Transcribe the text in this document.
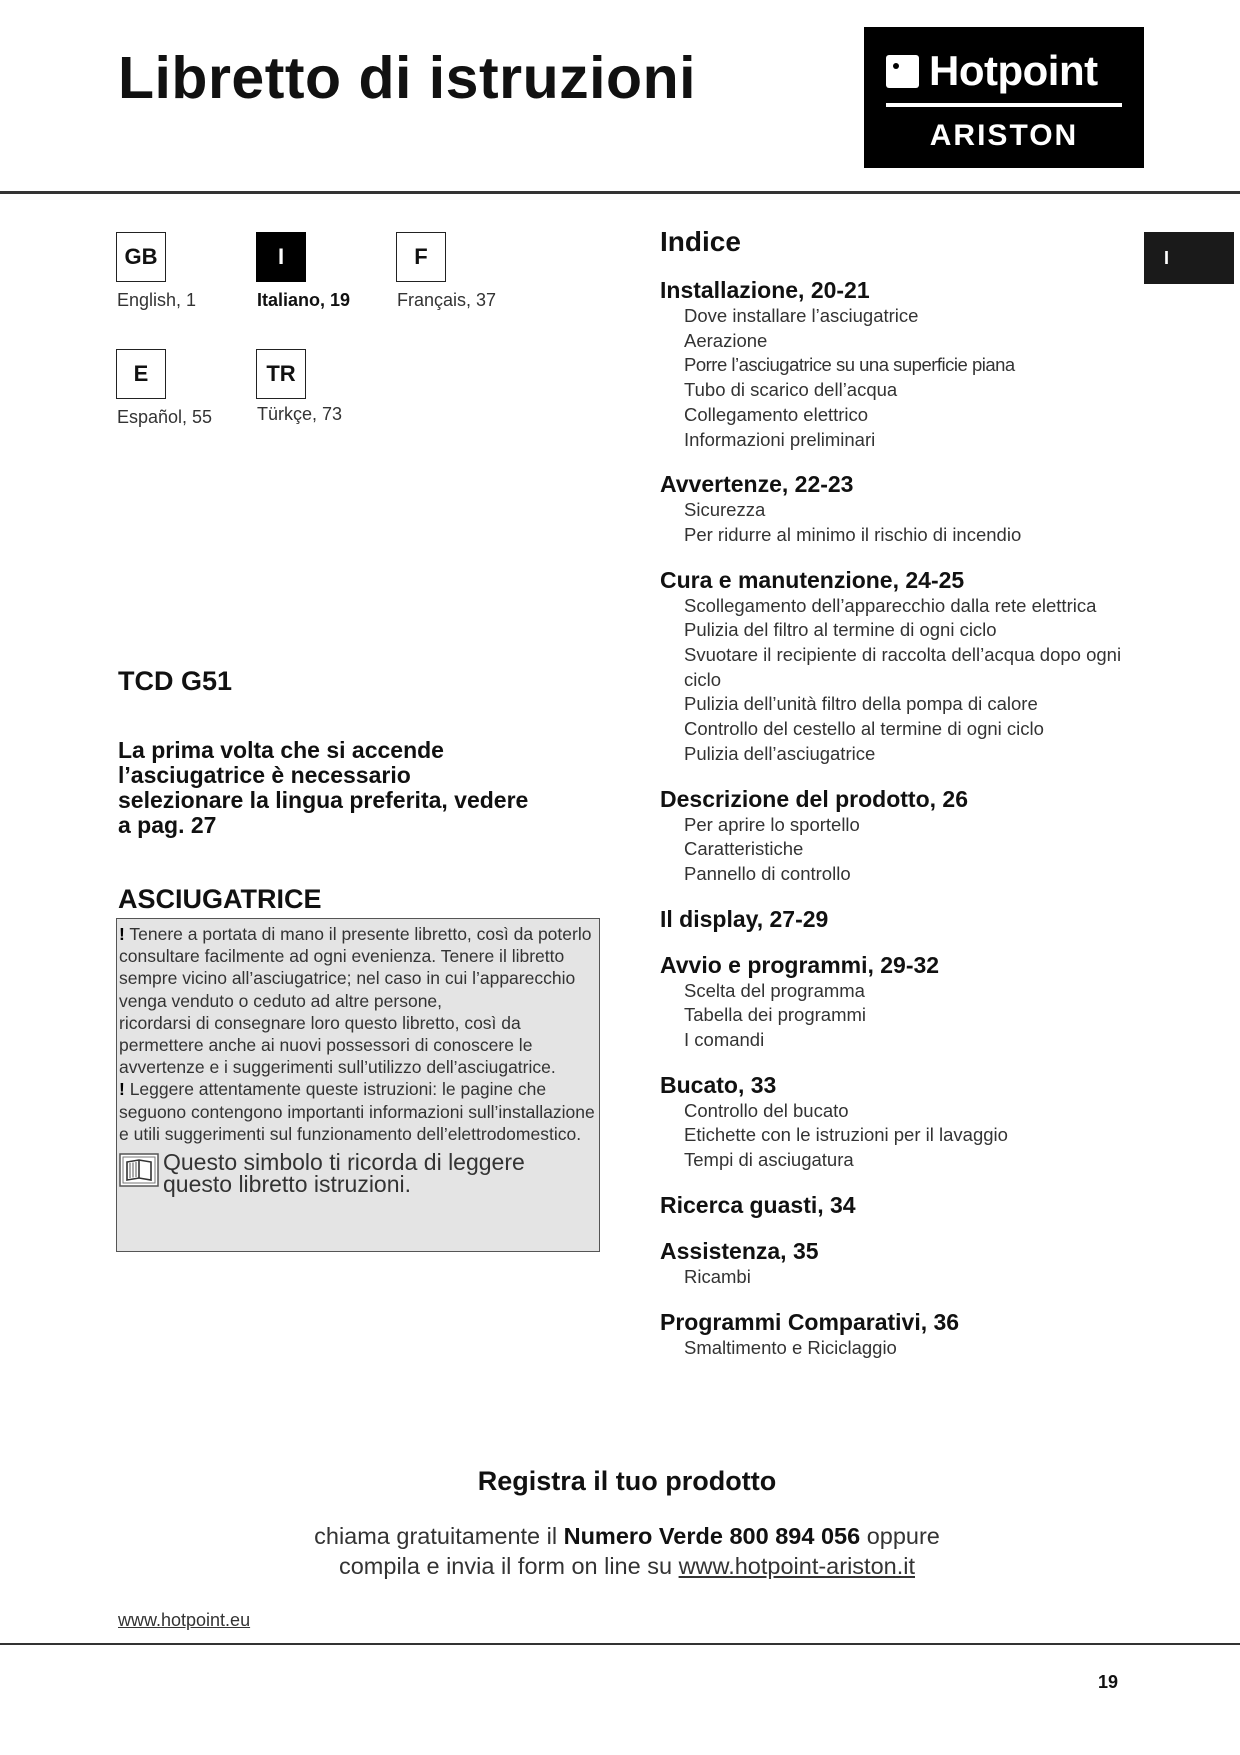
Libretto di istruzioni	Hotpoint
ARISTON
GB
English, 1
I
Italiano, 19
F
Français, 37
E
Español, 55
TR
Türkçe, 73
I
TCD G51
La prima volta che si accende l’asciugatrice è necessario selezionare la lingua preferita, vedere a pag. 27
ASCIUGATRICE

! Tenere a portata di mano il presente libretto, così da poterlo consultare facilmente ad ogni evenienza. Tenere il libretto sempre vicino all’asciugatrice; nel caso in cui l’apparecchio venga venduto o ceduto ad altre persone,

ricordarsi di consegnare loro questo libretto, così da permettere anche ai nuovi possessori di conoscere le avvertenze e i suggerimenti sull’utilizzo dell’asciugatrice.

! Leggere attentamente queste istruzioni: le pagine che seguono contengono importanti informazioni sull’installazione e utili suggerimenti sul funzionamento dell’elettrodomestico.

Questo simbolo ti ricorda di leggere questo libretto istruzioni.
Indice
Installazione, 20-21
Dove installare l’asciugatrice
Aerazione
Porre l’asciugatrice su una superficie piana
Tubo di scarico dell’acqua
Collegamento elettrico
Informazioni preliminari
Avvertenze, 22-23
Sicurezza
Per ridurre al minimo il rischio di incendio
Cura e manutenzione, 24-25
Scollegamento dell’apparecchio dalla rete elettrica
Pulizia del filtro al termine di ogni ciclo
Svuotare il recipiente di raccolta dell’acqua dopo ogni ciclo
Pulizia dell’unità filtro della pompa di calore
Controllo del cestello al termine di ogni ciclo
Pulizia dell’asciugatrice
Descrizione del prodotto, 26
Per aprire lo sportello
Caratteristiche
Pannello di controllo
Il display, 27-29
Avvio e programmi, 29-32
Scelta del programma
Tabella dei programmi
I comandi
Bucato, 33
Controllo del bucato
Etichette con le istruzioni per il lavaggio
Tempi di asciugatura
Ricerca guasti, 34
Assistenza, 35
Ricambi
Programmi Comparativi, 36
Smaltimento e Riciclaggio
Registra il tuo prodotto
chiama gratuitamente il Numero Verde 800 894 056 oppure
compila e invia il form on line su www.hotpoint-ariston.it
www.hotpoint.eu
19
